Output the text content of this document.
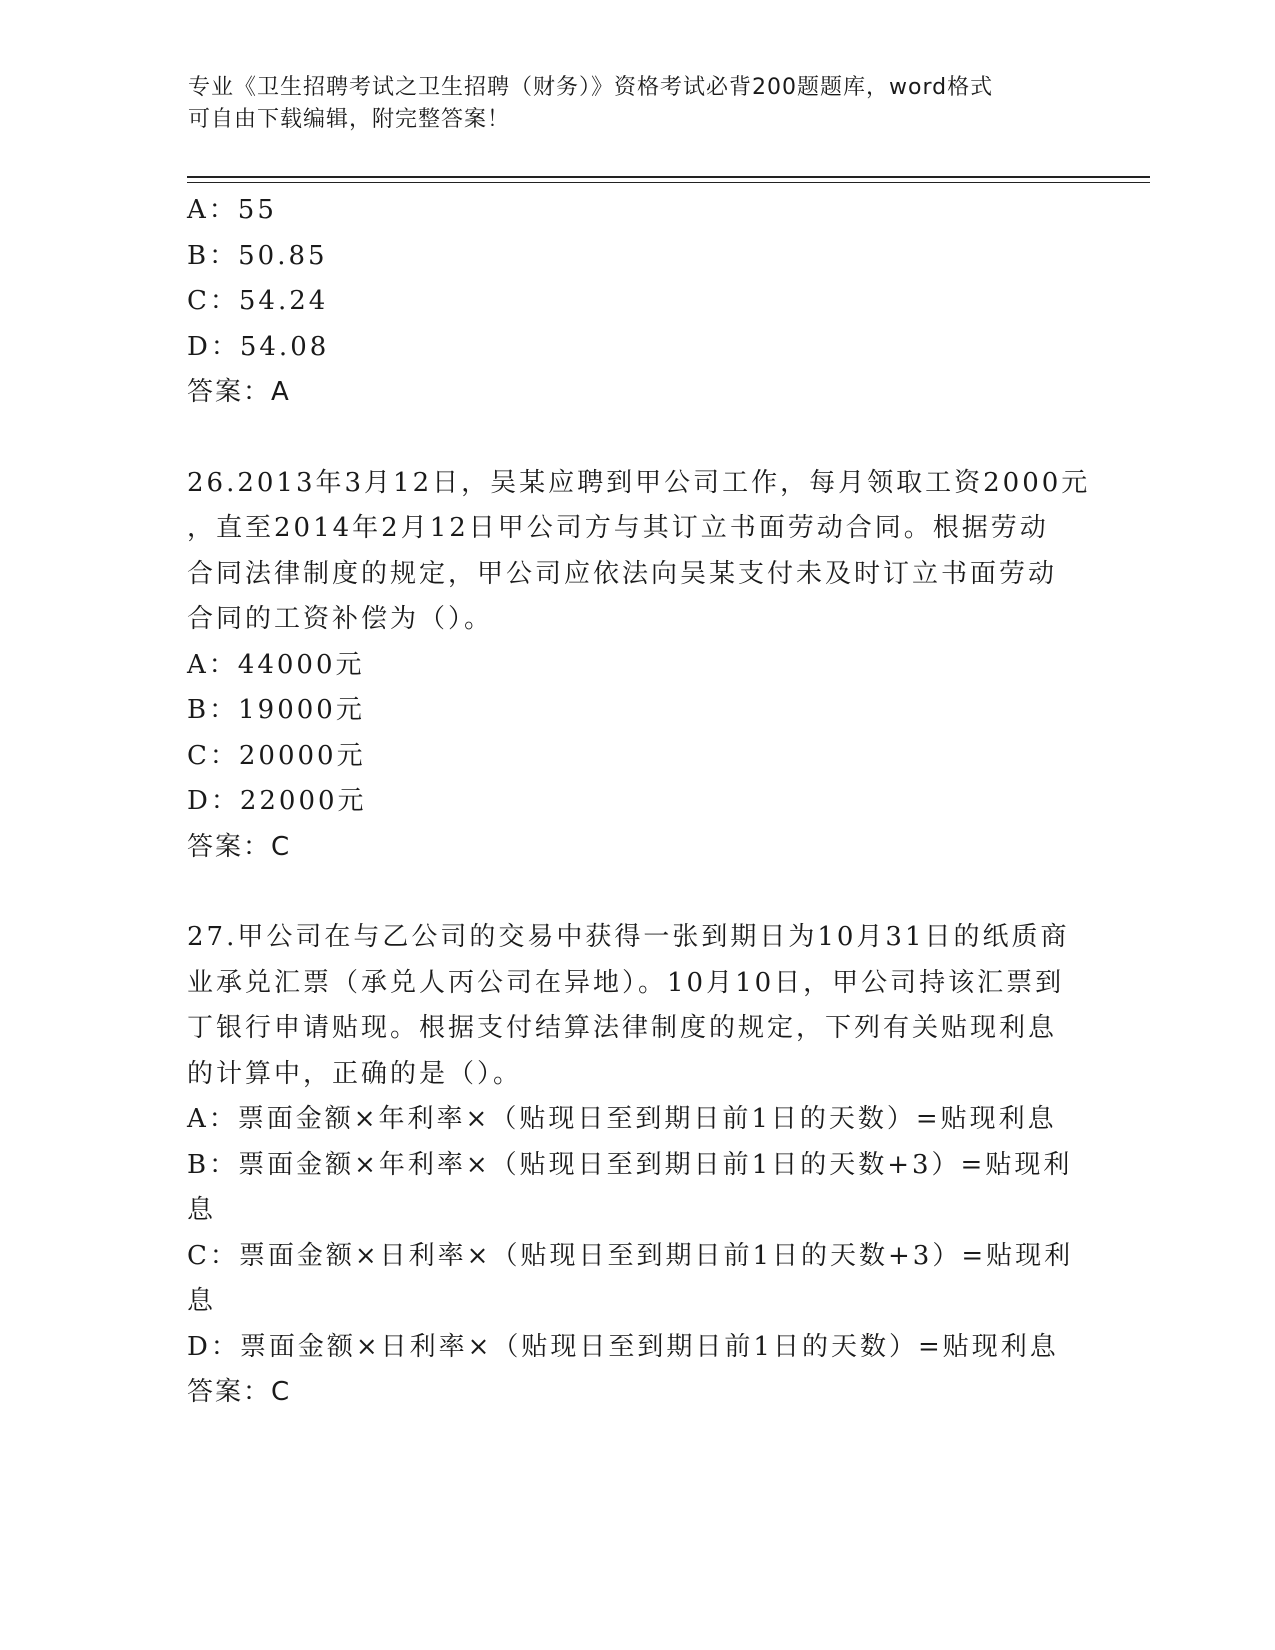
专业《卫生招聘考试之卫生招聘（财务）》资格考试必背200题题库，word格式
可自由下载编辑，附完整答案！
A：55
B：50.85
C：54.24
D：54.08
答案：A
26.2013年3月12日，吴某应聘到甲公司工作，每月领取工资2000元
，直至2014年2月12日甲公司方与其订立书面劳动合同。根据劳动
合同法律制度的规定，甲公司应依法向吴某支付未及时订立书面劳动
合同的工资补偿为（）。
A：44000元
B：19000元
C：20000元
D：22000元
答案：C
27.甲公司在与乙公司的交易中获得一张到期日为10月31日的纸质商
业承兑汇票（承兑人丙公司在异地）。10月10日，甲公司持该汇票到
丁银行申请贴现。根据支付结算法律制度的规定，下列有关贴现利息
的计算中，正确的是（）。
A：票面金额×年利率×（贴现日至到期日前1日的天数）=贴现利息
B：票面金额×年利率×（贴现日至到期日前1日的天数+3）=贴现利
息
C：票面金额×日利率×（贴现日至到期日前1日的天数+3）=贴现利
息
D：票面金额×日利率×（贴现日至到期日前1日的天数）=贴现利息
答案：C
